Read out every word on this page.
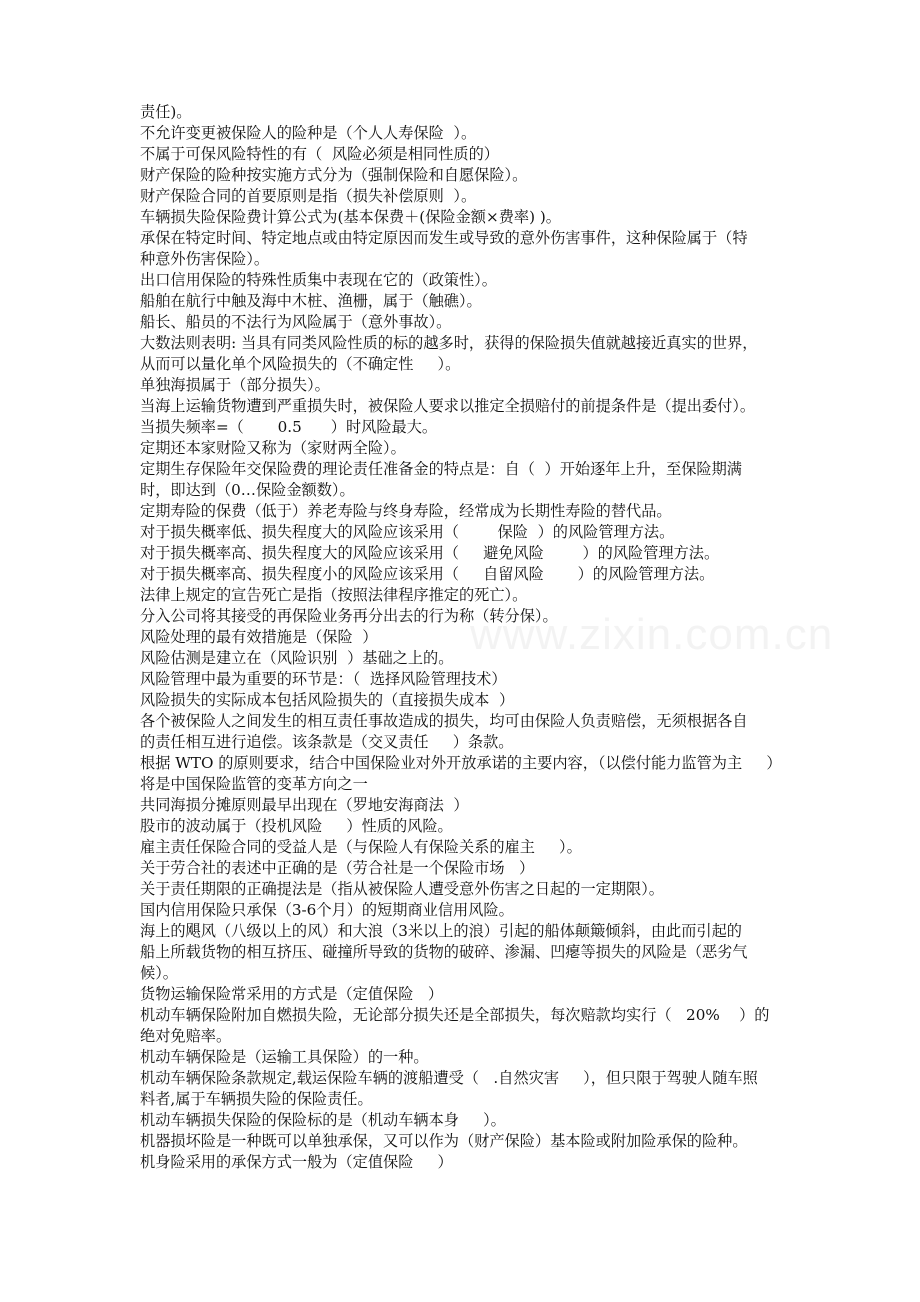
责任)。
不允许变更被保险人的险种是（个人人寿保险  ）。
不属于可保风险特性的有（  风险必须是相同性质的）
财产保险的险种按实施方式分为（强制保险和自愿保险）。
财产保险合同的首要原则是指（损失补偿原则  ）。
车辆损失险保险费计算公式为(基本保费＋(保险金额×费率) )。
承保在特定时间、特定地点或由特定原因而发生或导致的意外伤害事件，这种保险属于（特
种意外伤害保险）。
出口信用保险的特殊性质集中表现在它的（政策性）。
船舶在航行中触及海中木桩、渔栅，属于（触礁）。
船长、船员的不法行为风险属于（意外事故）。
大数法则表明: 当具有同类风险性质的标的越多时，获得的保险损失值就越接近真实的世界，
从而可以量化单个风险损失的（不确定性     ）。
单独海损属于（部分损失）。
当海上运输货物遭到严重损失时，被保险人要求以推定全损赔付的前提条件是（提出委付）。
当损失频率=（       0.5      ）时风险最大。
定期还本家财险又称为（家财两全险）。
定期生存保险年交保险费的理论责任准备金的特点是：自（  ）开始逐年上升，至保险期满
时，即达到（0…保险金额数）。
定期寿险的保费（低于）养老寿险与终身寿险，经常成为长期性寿险的替代品。
对于损失概率低、损失程度大的风险应该采用（        保险  ）的风险管理方法。
对于损失概率高、损失程度大的风险应该采用（     避免风险        ）的风险管理方法。
对于损失概率高、损失程度小的风险应该采用（     自留风险       ）的风险管理方法。
法律上规定的宣告死亡是指（按照法律程序推定的死亡）。
分入公司将其接受的再保险业务再分出去的行为称（转分保）。
风险处理的最有效措施是（保险  ）
风险估测是建立在（风险识别  ）基础之上的。
风险管理中最为重要的环节是：（  选择风险管理技术）
风险损失的实际成本包括风险损失的（直接损失成本  ）
各个被保险人之间发生的相互责任事故造成的损失，均可由保险人负责赔偿，无须根据各自
的责任相互进行追偿。该条款是（交叉责任     ）条款。
根据 WTO 的原则要求，结合中国保险业对外开放承诺的主要内容，（以偿付能力监管为主     ）
将是中国保险监管的变革方向之一
共同海损分摊原则最早出现在（罗地安海商法  ）
股市的波动属于（投机风险     ）性质的风险。
雇主责任保险合同的受益人是（与保险人有保险关系的雇主     ）。
关于劳合社的表述中正确的是（劳合社是一个保险市场   ）
关于责任期限的正确提法是（指从被保险人遭受意外伤害之日起的一定期限）。
国内信用保险只承保（3-6个月）的短期商业信用风险。
海上的飓风（八级以上的风）和大浪（3米以上的浪）引起的船体颠簸倾斜，由此而引起的
船上所载货物的相互挤压、碰撞所导致的货物的破碎、渗漏、凹瘪等损失的风险是（恶劣气
候）。
货物运输保险常采用的方式是（定值保险   ）
机动车辆保险附加自燃损失险，无论部分损失还是全部损失，每次赔款均实行（   20%    ）的
绝对免赔率。
机动车辆保险是（运输工具保险）的一种。
机动车辆保险条款规定,载运保险车辆的渡船遭受（   .自然灾害     ），但只限于驾驶人随车照
料者,属于车辆损失险的保险责任。
机动车辆损失保险的保险标的是（机动车辆本身     ）。
机器损坏险是一种既可以单独承保，又可以作为（财产保险）基本险或附加险承保的险种。
机身险采用的承保方式一般为（定值保险     ）
www.zixin.com.cn
